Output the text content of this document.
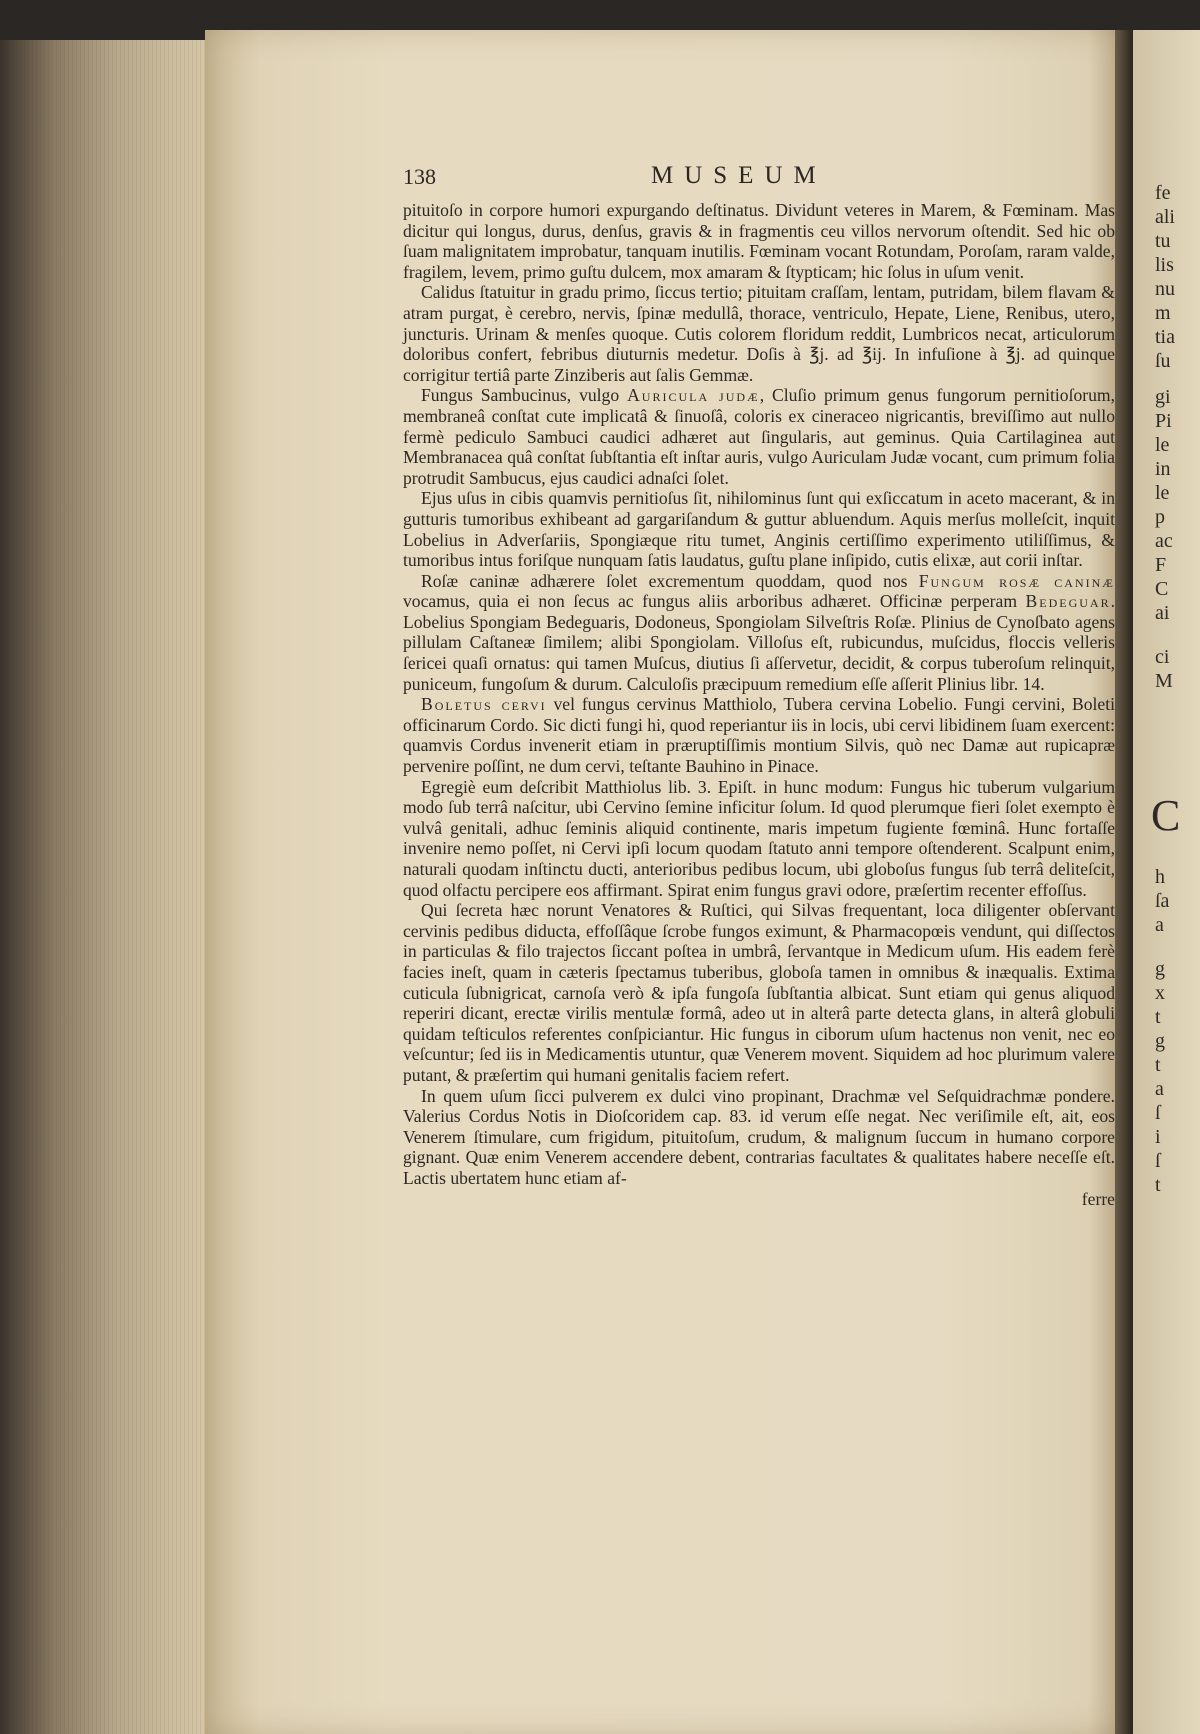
fe
ali
tu
lis
nu
m
tia
ſu
gi
Pi
le
in
le
p
ac
F
C
ai
ci
M
C
h
ſa
a
g
x
t
g
t
a
ſ
i
ſ
t
138	MUSEUM

pituitoſo in corpore humori expurgando deſtinatus. Dividunt veteres in Marem, & Fœminam. Mas dicitur qui longus, durus, denſus, gravis & in fragmentis ceu villos nervorum oſtendit. Sed hic ob ſuam malignitatem improbatur, tanquam inutilis. Fœminam vocant Rotundam, Poroſam, raram valde, fragilem, levem, primo guſtu dulcem, mox amaram & ſtypticam; hic ſolus in uſum venit.

Calidus ſtatuitur in gradu primo, ſiccus tertio; pituitam craſſam, lentam, putridam, bilem flavam & atram purgat, è cerebro, nervis, ſpinæ medullâ, thorace, ventriculo, Hepate, Liene, Renibus, utero, juncturis. Urinam & menſes quoque. Cutis colorem floridum reddit, Lumbricos necat, articulorum doloribus confert, febribus diuturnis medetur. Doſis à ℥j. ad ℥ij. In infuſione à ℥j. ad quinque corrigitur tertiâ parte Zinziberis aut ſalis Gemmæ.

Fungus Sambucinus, vulgo Auricula judæ, Cluſio primum genus fungorum pernitioſorum, membraneâ conſtat cute implicatâ & ſinuoſâ, coloris ex cineraceo nigricantis, breviſſimo aut nullo fermè pediculo Sambuci caudici adhæret aut ſingularis, aut geminus. Quia Cartilaginea aut Membranacea quâ conſtat ſubſtantia eſt inſtar auris, vulgo Auriculam Judæ vocant, cum primum folia protrudit Sambucus, ejus caudici adnaſci ſolet.

Ejus uſus in cibis quamvis pernitioſus ſit, nihilominus ſunt qui exſiccatum in aceto macerant, & in gutturis tumoribus exhibeant ad gargariſandum & guttur abluendum. Aquis merſus molleſcit, inquit Lobelius in Adverſariis, Spongiæque ritu tumet, Anginis certiſſimo experimento utiliſſimus, & tumoribus intus foriſque nunquam ſatis laudatus, guſtu plane inſipido, cutis elixæ, aut corii inſtar.

Roſæ caninæ adhærere ſolet excrementum quoddam, quod nos Fungum roſæ caninæ vocamus, quia ei non ſecus ac fungus aliis arboribus adhæret. Officinæ perperam Bedeguar. Lobelius Spongiam Bedeguaris, Dodoneus, Spongiolam Silveſtris Roſæ. Plinius de Cynoſbato agens pillulam Caſtaneæ ſimilem; alibi Spongiolam. Villoſus eſt, rubicundus, muſcidus, floccis velleris ſericei quaſi ornatus: qui tamen Muſcus, diutius ſi aſſervetur, decidit, & corpus tuberoſum relinquit, puniceum, fungoſum & durum. Calculoſis præcipuum remedium eſſe aſſerit Plinius libr. 14.

Boletus cervi vel fungus cervinus Matthiolo, Tubera cervina Lobelio. Fungi cervini, Boleti officinarum Cordo. Sic dicti fungi hi, quod reperiantur iis in locis, ubi cervi libidinem ſuam exercent: quamvis Cordus invenerit etiam in præruptiſſimis montium Silvis, quò nec Damæ aut rupicapræ pervenire poſſint, ne dum cervi, teſtante Bauhino in Pinace.

Egregiè eum deſcribit Matthiolus lib. 3. Epiſt. in hunc modum: Fungus hic tuberum vulgarium modo ſub terrâ naſcitur, ubi Cervino ſemine inficitur ſolum. Id quod plerumque fieri ſolet exempto è vulvâ genitali, adhuc ſeminis aliquid continente, maris impetum fugiente fœminâ. Hunc fortaſſe invenire nemo poſſet, ni Cervi ipſi locum quodam ſtatuto anni tempore oſtenderent. Scalpunt enim, naturali quodam inſtinctu ducti, anterioribus pedibus locum, ubi globoſus fungus ſub terrâ deliteſcit, quod olfactu percipere eos affirmant. Spirat enim fungus gravi odore, præſertim recenter effoſſus.

Qui ſecreta hæc norunt Venatores & Ruſtici, qui Silvas frequentant, loca diligenter obſervant cervinis pedibus diducta, effoſſâque ſcrobe fungos eximunt, & Pharmacopœis vendunt, qui diſſectos in particulas & filo trajectos ſiccant poſtea in umbrâ, ſervantque in Medicum uſum. His eadem ferè facies ineſt, quam in cæteris ſpectamus tuberibus, globoſa tamen in omnibus & inæqualis. Extima cuticula ſubnigricat, carnoſa verò & ipſa fungoſa ſubſtantia albicat. Sunt etiam qui genus aliquod reperiri dicant, erectæ virilis mentulæ formâ, adeo ut in alterâ parte detecta glans, in alterâ globuli quidam teſticulos referentes conſpiciantur. Hic fungus in ciborum uſum hactenus non venit, nec eo veſcuntur; ſed iis in Medicamentis utuntur, quæ Venerem movent. Siquidem ad hoc plurimum valere putant, & præſertim qui humani genitalis faciem refert.

In quem uſum ſicci pulverem ex dulci vino propinant, Drachmæ vel Seſquidrachmæ pondere. Valerius Cordus Notis in Dioſcoridem cap. 83. id verum eſſe negat. Nec veriſimile eſt, ait, eos Venerem ſtimulare, cum frigidum, pituitoſum, crudum, & malignum ſuccum in humano corpore gignant. Quæ enim Venerem accendere debent, contrarias facultates & qualitates habere neceſſe eſt. Lactis ubertatem hunc etiam af-

ferre
